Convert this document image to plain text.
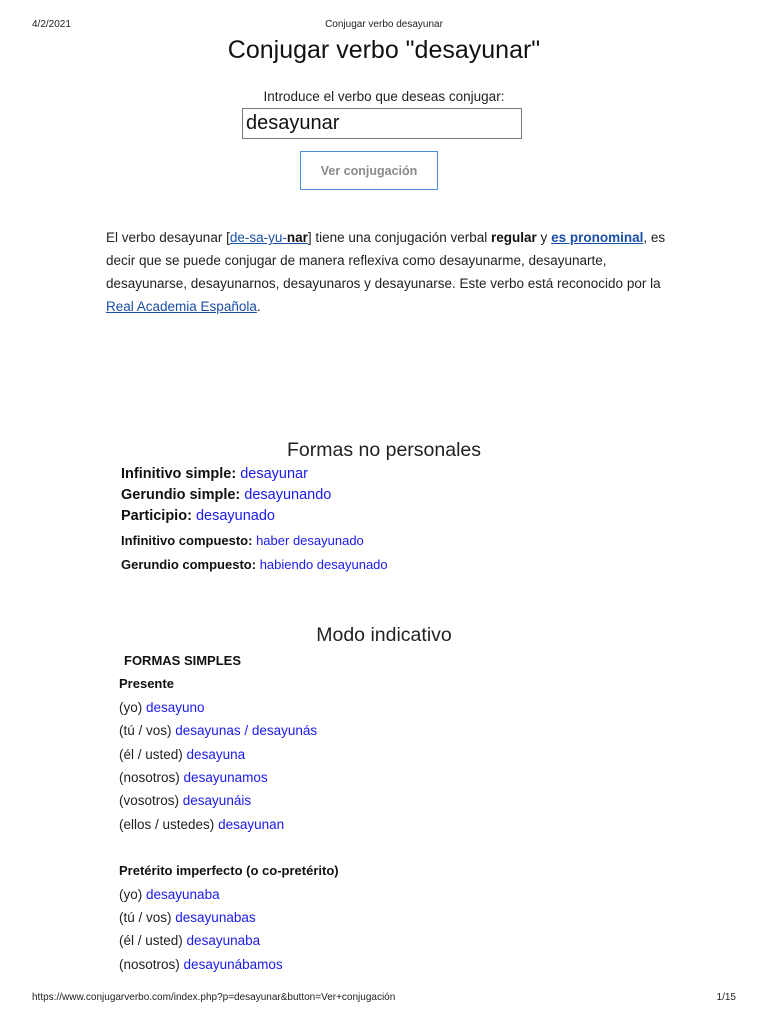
4/2/2021	Conjugar verbo desayunar
Conjugar verbo "desayunar"
Introduce el verbo que deseas conjugar:
desayunar
Ver conjugación
El verbo desayunar [de-sa-yu-nar] tiene una conjugación verbal regular y es pronominal, es decir que se puede conjugar de manera reflexiva como desayunarme, desayunarte, desayunarse, desayunarnos, desayunaros y desayunarse. Este verbo está reconocido por la Real Academia Española.
Formas no personales
Infinitivo simple: desayunar
Gerundio simple: desayunando
Participio: desayunado
Infinitivo compuesto: haber desayunado
Gerundio compuesto: habiendo desayunado
Modo indicativo
FORMAS SIMPLES
Presente
(yo) desayuno
(tú / vos) desayunas / desayunás
(él / usted) desayuna
(nosotros) desayunamos
(vosotros) desayunáis
(ellos / ustedes) desayunan
Pretérito imperfecto (o co-pretérito)
(yo) desayunaba
(tú / vos) desayunabas
(él / usted) desayunaba
(nosotros) desayunábamos
https://www.conjugarverbo.com/index.php?p=desayunar&button=Ver+conjugación	1/15
